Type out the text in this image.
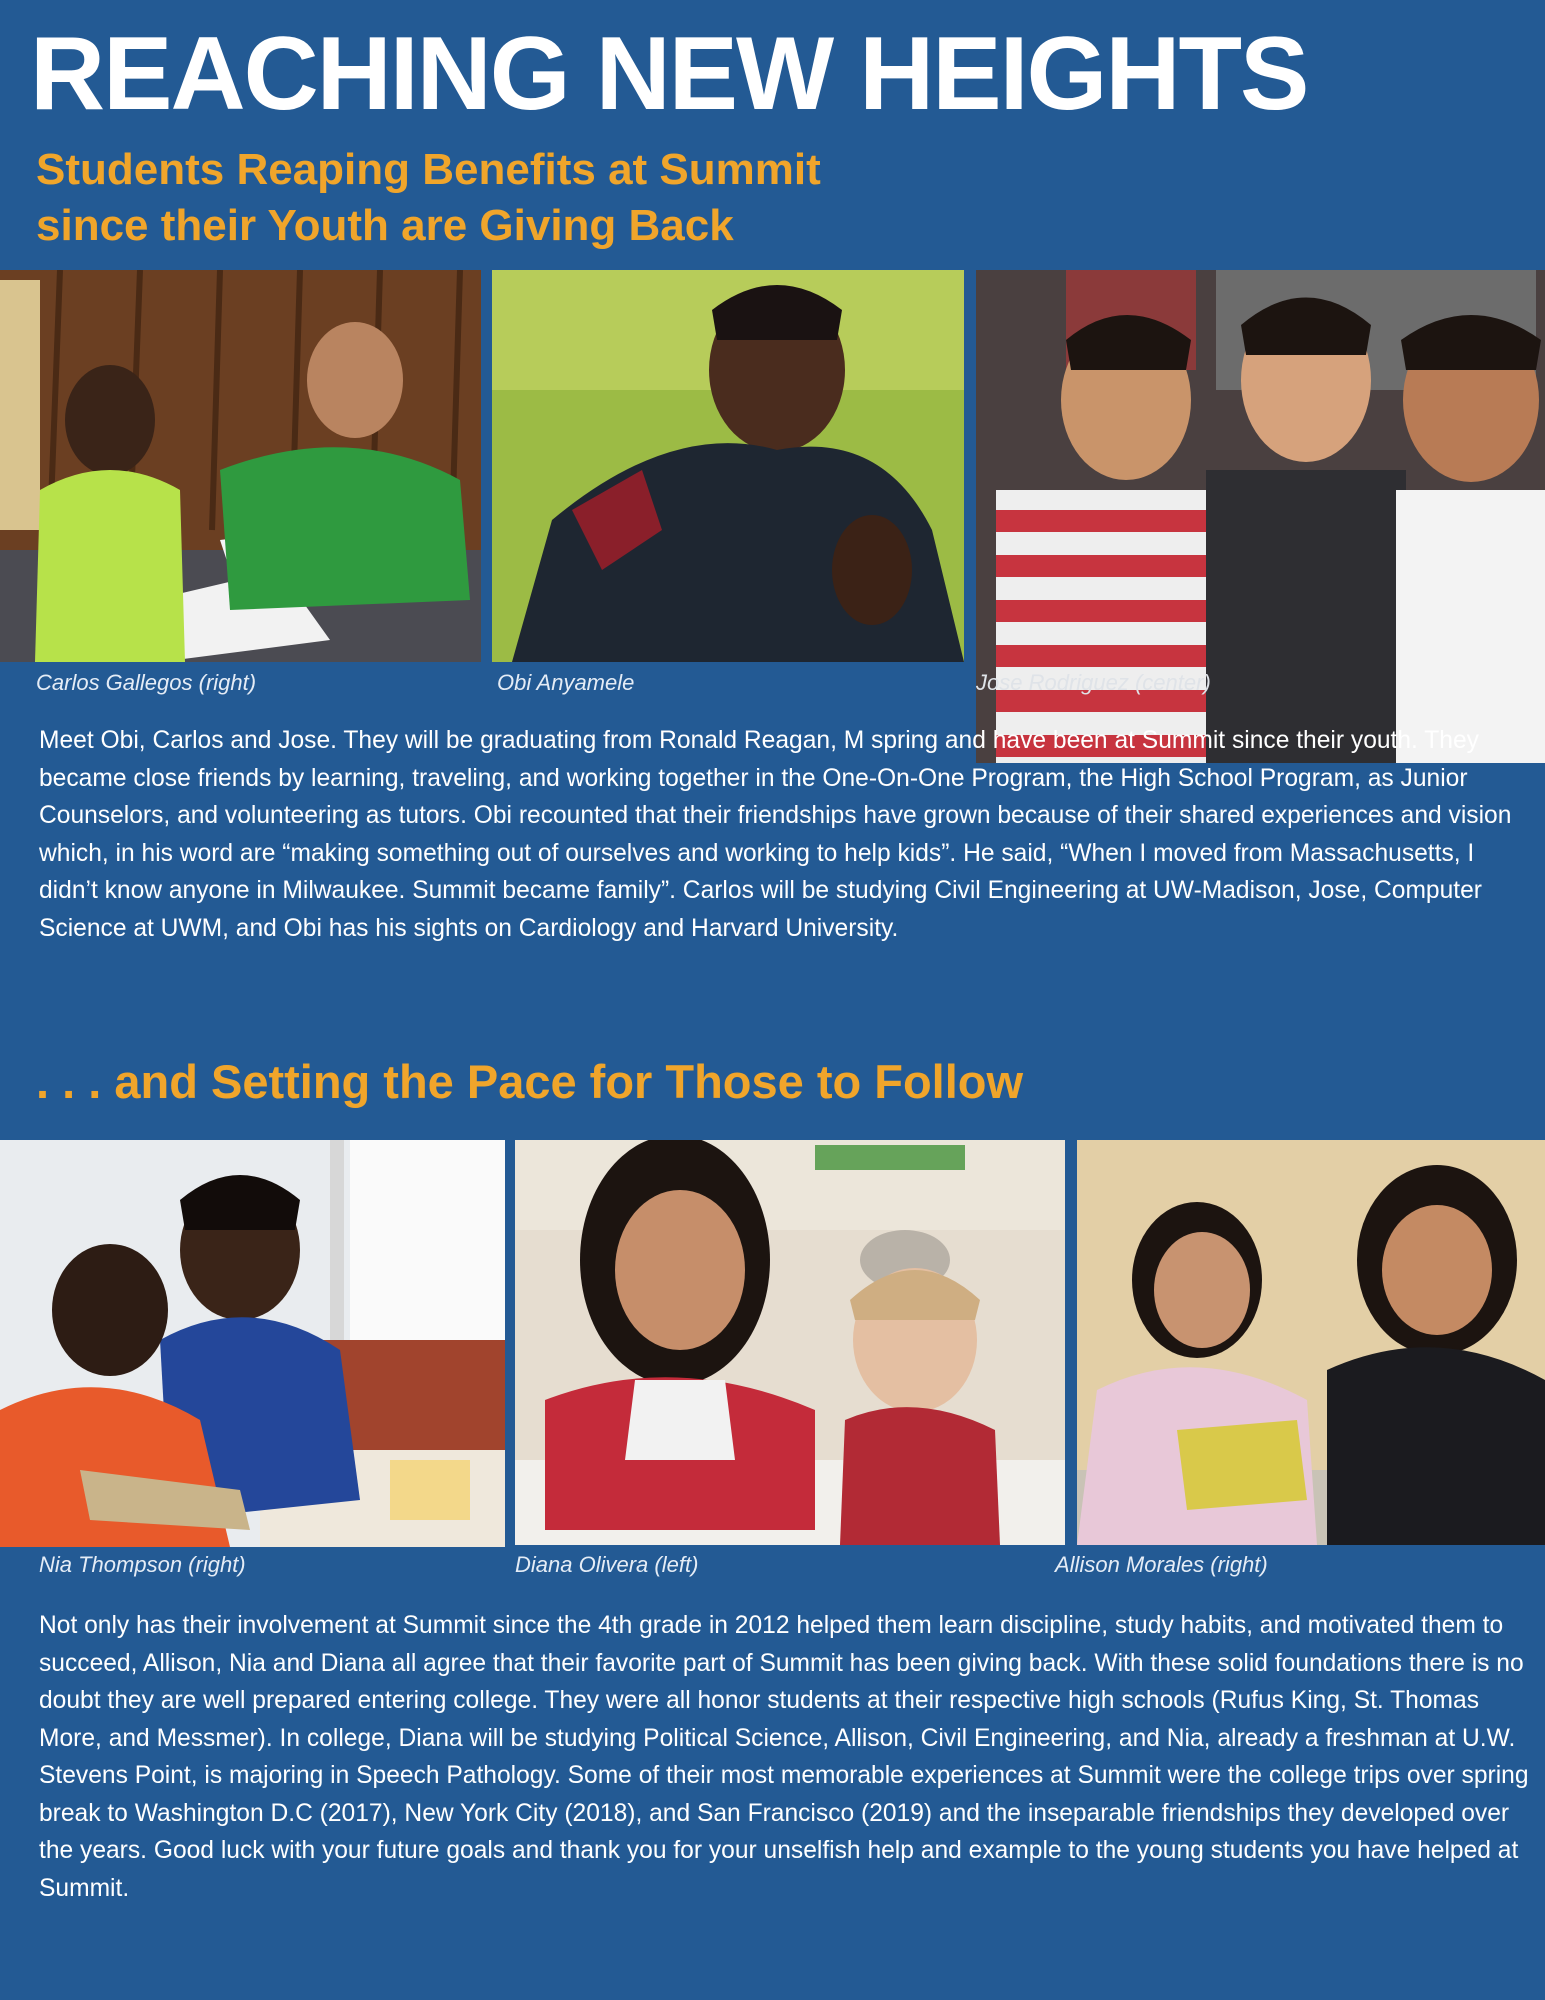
REACHING NEW HEIGHTS
Students Reaping Benefits at Summit
since their Youth are Giving Back
Carlos Gallegos (right)	Obi Anyamele	Jose Rodriguez (center)

Meet Obi, Carlos and Jose. They will be graduating from Ronald Reagan, M spring and have been at Summit since their youth. They became close friends by learning, traveling, and working together in the One-On-One Program, the High School Program, as Junior Counselors, and volunteering as tutors. Obi recounted that their friendships have grown because of their shared experiences and vision which, in his word are “making something out of ourselves and working to help kids”. He said, “When I moved from Massachusetts, I didn’t know anyone in Milwaukee. Summit became family”. Carlos will be studying Civil Engineering at UW-Madison, Jose, Computer Science at UWM, and Obi has his sights on Cardiology and Harvard University.

. . . and Setting the Pace for Those to Follow
Nia Thompson (right)	Diana Olivera (left)	Allison Morales (right)

Not only has their involvement at Summit since the 4th grade in 2012 helped them learn discipline, study habits, and motivated them to succeed, Allison, Nia and Diana all agree that their favorite part of Summit has been giving back. With these solid foundations there is no doubt they are well prepared entering college. They were all honor students at their respective high schools (Rufus King, St. Thomas More, and Messmer). In college, Diana will be studying Political Science, Allison, Civil Engineering, and Nia, already a freshman at U.W. Stevens Point, is majoring in Speech Pathology. Some of their most memorable experiences at Summit were the college trips over spring break to Washington D.C (2017), New York City (2018), and San Francisco (2019) and the inseparable friendships they developed over the years. Good luck with your future goals and thank you for your unselfish help and example to the young students you have helped at Summit.
